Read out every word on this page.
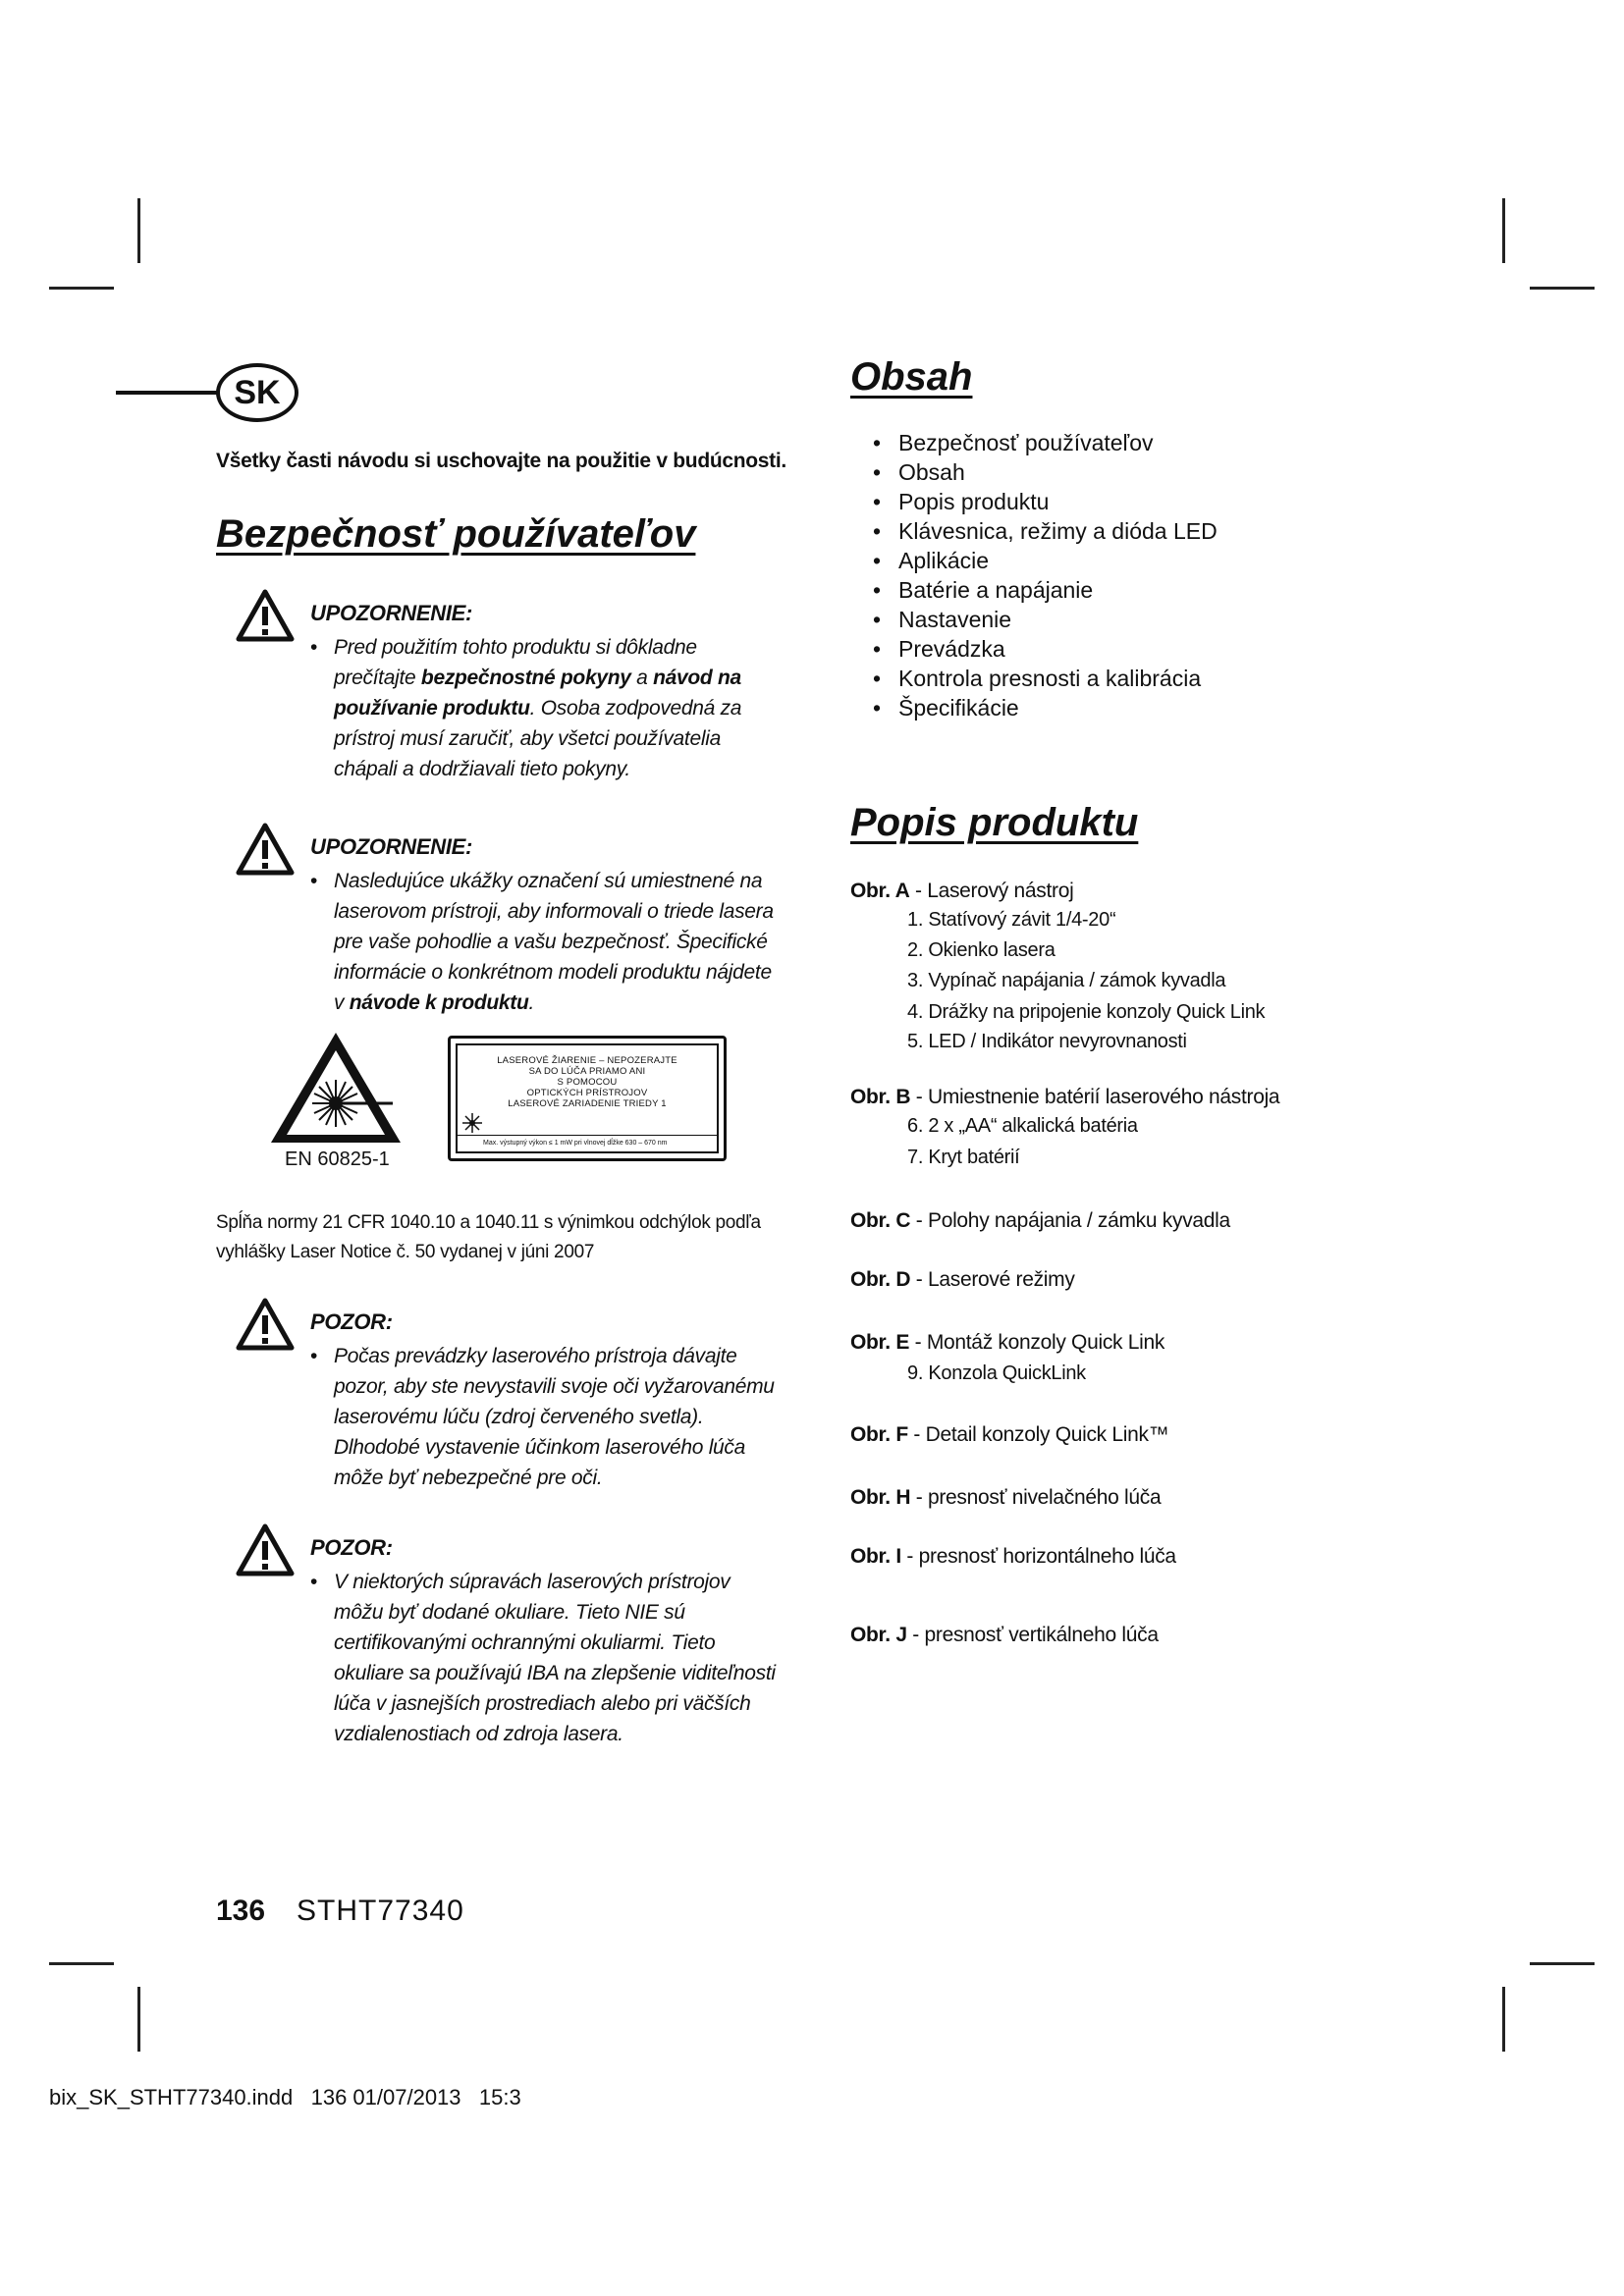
SK
Všetky časti návodu si uschovajte na použitie v budúcnosti.
Bezpečnosť používateľov
UPOZORNENIE:
• Pred použitím tohto produktu si dôkladne
prečítajte bezpečnostné pokyny a návod na
používanie produktu. Osoba zodpovedná za
prístroj musí zaručiť, aby všetci používatelia
chápali a dodržiavali tieto pokyny.
UPOZORNENIE:
• Nasledujúce ukážky označení sú umiestnené na
laserovom prístroji, aby informovali o triede lasera
pre vaše pohodlie a vašu bezpečnosť. Špecifické
informácie o konkrétnom modeli produktu nájdete
v návode k produktu.
POZOR:
• Počas prevádzky laserového prístroja dávajte
pozor, aby ste nevystavili svoje oči vyžarovanému
laserovému lúču (zdroj červeného svetla).
Dlhodobé vystavenie účinkom laserového lúča
môže byť nebezpečné pre oči.
POZOR:
• V niektorých súpravách laserových prístrojov
môžu byť dodané okuliare. Tieto NIE sú
certifikovanými ochrannými okuliarmi. Tieto
okuliare sa používajú IBA na zlepšenie viditeľnosti
lúča v jasnejších prostrediach alebo pri väčších
vzdialenostiach od zdroja lasera.
EN 60825-1
LASEROVÉ ŽIARENIE – NEPOZERAJTE
SA DO LÚČA PRIAMO ANI
S POMOCOU
OPTICKÝCH PRÍSTROJOV
LASEROVÉ ZARIADENIE TRIEDY 1
Max. výstupný výkon ≤ 1 mW pri vlnovej dĺžke 630 – 670 nm
Spĺňa normy 21 CFR 1040.10 a 1040.11 s výnimkou odchýlok podľa
vyhlášky Laser Notice č. 50 vydanej v júni 2007
Obsah
• Bezpečnosť používateľov
• Obsah
• Popis produktu
• Klávesnica, režimy a dióda LED
• Aplikácie
• Batérie a napájanie
• Nastavenie
• Prevádzka
• Kontrola presnosti a kalibrácia
• Špecifikácie
Popis produktu
Obr. A - Laserový nástroj
1. Statívový závit 1/4-20“
2. Okienko lasera
3. Vypínač napájania / zámok kyvadla
4. Drážky na pripojenie konzoly Quick Link
5. LED / Indikátor nevyrovnanosti
Obr. B - Umiestnenie batérií laserového nástroja
6. 2 x „AA“ alkalická batéria
7. Kryt batérií
Obr. C - Polohy napájania / zámku kyvadla
Obr. D - Laserové režimy
Obr. E - Montáž konzoly Quick Link
9. Konzola QuickLink
Obr. F - Detail konzoly Quick Link™
Obr. H - presnosť nivelačného lúča
Obr. I - presnosť horizontálneho lúča
Obr. J - presnosť vertikálneho lúča
136 STHT77340
bix_SK_STHT77340.indd   136 01/07/2013   15:3
